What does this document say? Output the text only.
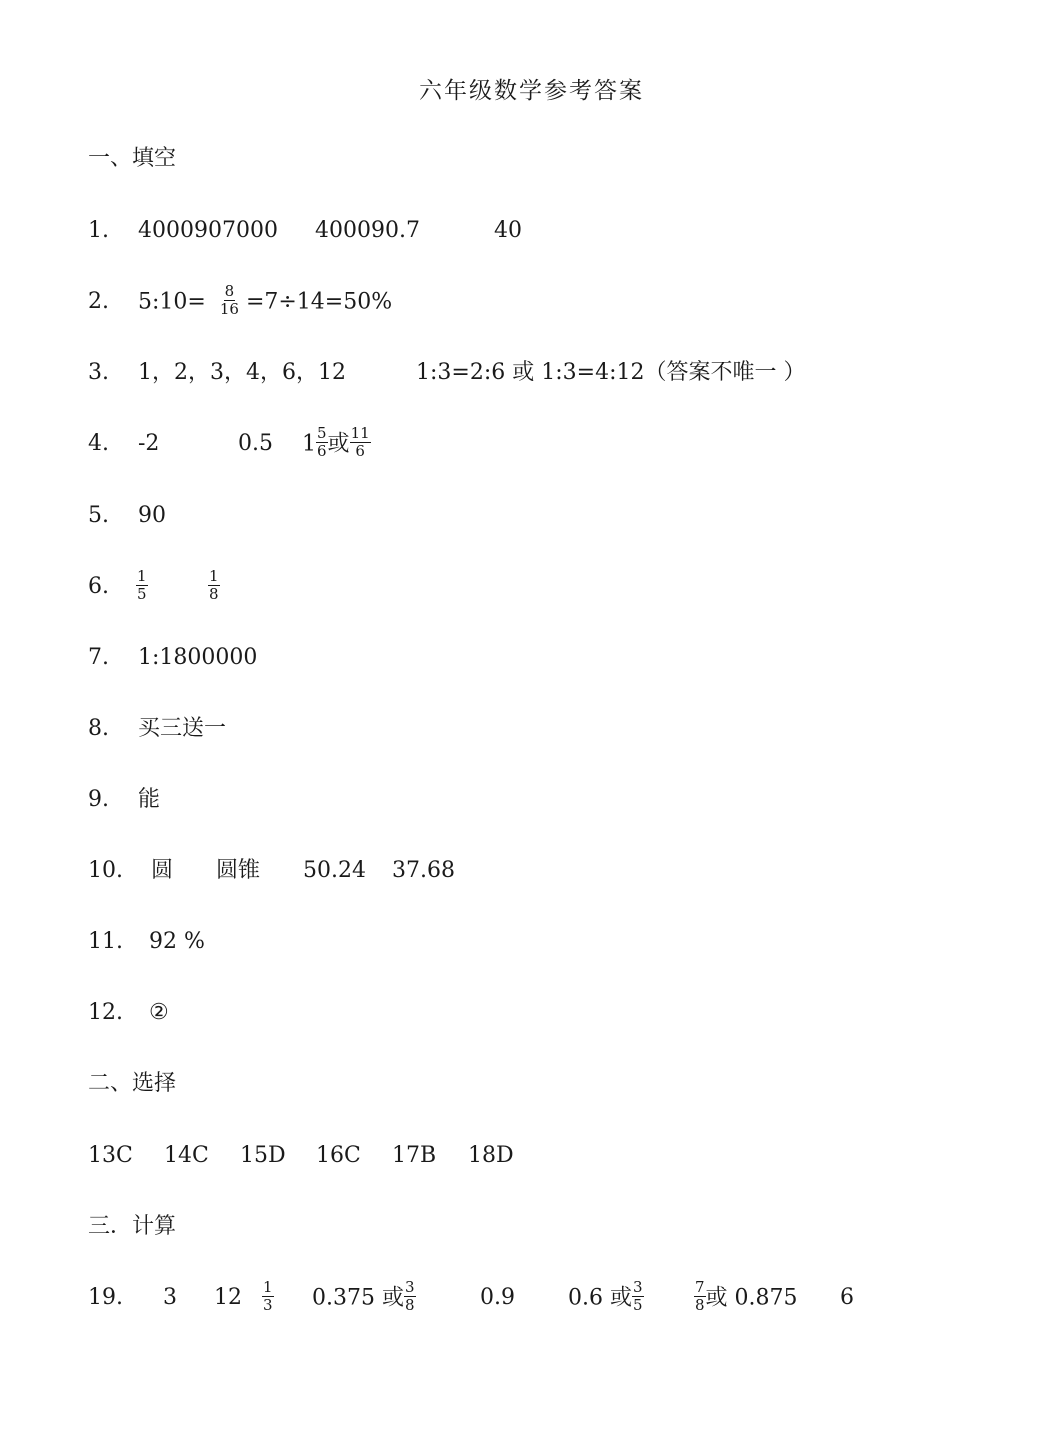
六年级数学参考答案
一、填空
1. 4000907000 400090.7	40
2. 5:10= $\frac{8}{16} =7\div 14=50\%$
3. 1，2，3，4，6，12	1:3=2:6 或 1:3=4:12（答案不唯一 ）
4. -2	0.5 $1 \frac{5}{6}$ 或 $\frac{11}{6}$
5. 90
6. $\frac{1}{5}$	$\frac{1}{8}$
7. 1:1800000
8. 买三送一
9. 能
10. 圆 圆锥 50.24 37.68
11. 92 %
12. ②
二、选择
13C 14C 15D 16C 17B 18D
三．计算
19. 3 $12 \frac{1}{3} 0.375$ 或 $\frac{3}{8}$	0.9 0.6 或 $\frac{3}{5}$	$\frac{7}{8}$ 或 0.875 6
